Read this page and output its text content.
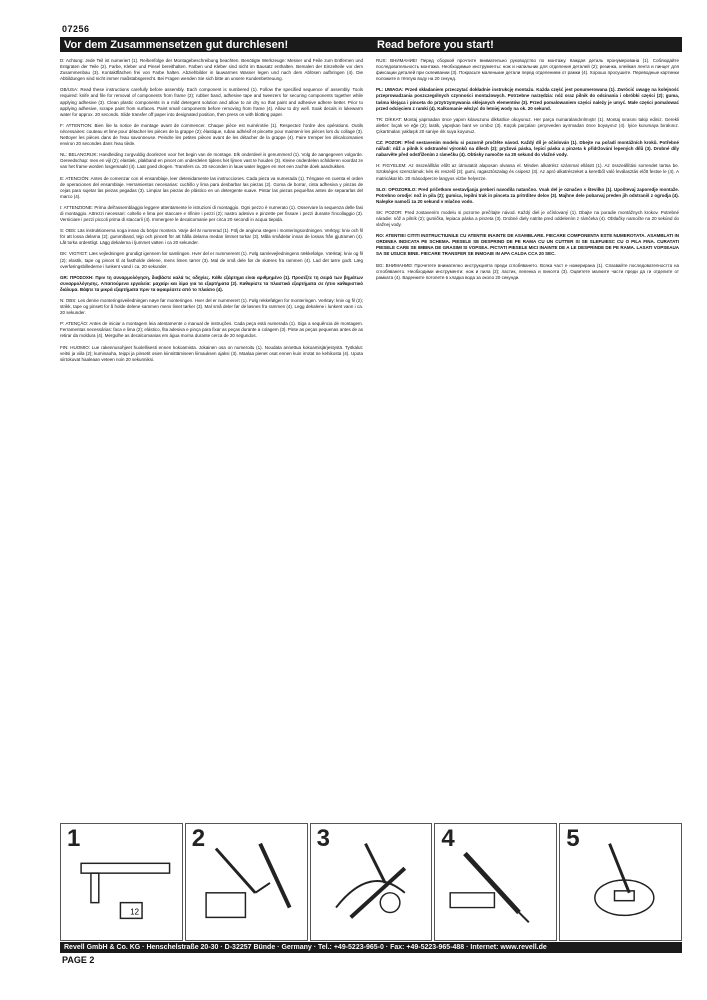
07256
Vor dem Zusammensetzen gut durchlesen!	Read before you start!

D: Achtung: Jede Teil ist numeriert (1). Reihenfolge der Montagebeschreibung beachten. Benötigte Werkzeuge: Messer und Feile zum Entfernen und Entgraten der Teile (2). Farbe, Kleber und Pinsel bereithalten. Farben und Kleber sind nicht im Bausatz enthalten. Bemalen der Einzelteile vor dem Zusammenbau (3). Kontaktflächen frei von Farbe halten. Abziehbilder in lauwarmes Wasser legen und nach dem Ablösen aufbringen (4). Die Abbildungen sind nicht immer maßstabsgerecht. Bei Fragen wenden Sie sich bitte an unsere Kundenbetreuung.

GB/USA: Read these instructions carefully before assembly. Each component is numbered (1). Follow the specified sequence of assembly. Tools required: knife and file for removal of components from frame (2); rubber band, adhesive tape and tweezers for securing components together while applying adhesive (3). Clean plastic components in a mild detergent solution and allow to air dry so that paint and adhesive adhere better. Prior to applying adhesive, scrape paint from surfaces. Paint small components before removing from frame (4). Allow to dry well. Soak decals in lukewarm water for approx. 20 seconds. Slide transfer off paper into designated position, then press on with blotting paper.

F: ATTENTION: Bien lire la notice de montage avant de commencer. Chaque pièce est numérotée (1). Respectez l'ordre des opérations. Outils nécessaires: couteau et lime pour détacher les pièces de la grappe (2); élastique, ruban adhésif et pincette pour maintenir les pièces lors du collage (3). Nettoyer les pièces dans de l'eau savonneuse. Peindre les petites pièces avant de les détacher de la grappe (4). Faire tremper les décalcomanies environ 20 secondes dans l'eau tiède.

NL: BELANGRIJK: Handleiding zorgvuldig doorlezen voor het begin van de montage. Elk onderdeel is genummerd (1). Volg de aangegeven volgorde. Gereedschap: mes en vijl (2); elastiek, plakband en pincet om onderdelen tijdens het lijmen vast te houden (3). Kleine onderdelen schilderen voordat ze van het frame worden losgemaakt (4). Laat goed drogen. Transfers ca. 20 seconden in lauw water leggen en met een zachte doek aandrukken.

E: ATENCIÓN: Antes de comenzar con el ensamblaje, leer detenidamente las instrucciones. Cada pieza va numerada (1). Téngase en cuenta el orden de operaciones del ensamblaje. Herramientas necesarias: cuchillo y lima para desbarbar las piezas (2). Goma de borrar, cinta adhesiva y pinzas de cejas para sujetar las piezas pegadas (3). Limpiar las piezas de plástico en un detergente suave. Pintar las piezas pequeñas antes de separarlas del marco (4).

I: ATTENZIONE: Prima dell'assemblaggio leggere attentamente le istruzioni di montaggio. Ogni pezzo è numerato (1). Osservare la sequenza delle fasi di montaggio. Attrezzi necessari: coltello e lima per staccare e rifinire i pezzi (2); nastro adesivo e pinzette per fissare i pezzi durante l'incollaggio (3). Verniciare i pezzi piccoli prima di staccarli (4). Immergere le decalcomanie per circa 20 secondi in acqua tiepida.

S: OBS: Läs instruktionerna noga innan du börjar montera. Varje del är numrerad (1). Följ de angivna stegen i monteringsordningen. Verktyg: kniv och fil för att lossa delarna (2); gummiband, tejp och pincett för att hålla delarna medan limmet torkar (3). Måla smådelar innan de lossas från gjutramen (4). Låt torka ordentligt. Lägg dekalerna i ljummet vatten i ca 20 sekunder.

DK: VIGTIGT: Læs vejledningen grundigt igennem før samlingen. Hver del er nummereret (1). Følg samlevejledningens rækkefølge. Værktøj: kniv og fil (2); elastik, tape og pincet til at fastholde delene, mens limen tørrer (3). Mal de små dele før de skæres fra rammen (4). Lad det tørre godt. Læg overføringsbillederne i lunkent vand i ca. 20 sekunder.

GR: ΠΡΟΣΟΧΗ: Πριν τη συναρμολόγηση, διαβάστε καλά τις οδηγίες. Κάθε εξάρτημα είναι αριθμημένο (1). Προσέξτε τη σειρά των βημάτων συναρμολόγησης. Απαιτούμενα εργαλεία: μαχαίρι και λίμα για τα εξαρτήματα (2). Καθαρίστε τα πλαστικά εξαρτήματα σε ήπιο καθαριστικό διάλυμα. Βάψτε τα μικρά εξαρτήματα πριν τα αφαιρέσετε από το πλαίσιο (4).

N: OBS: Les denne monteringsveiledningen nøye før monteringen. Hver del er nummerert (1). Følg rekkefølgen for monteringen. Verktøy: kniv og fil (2); strikk, tape og pinsett for å holde delene sammen mens limet tørker (3). Mal små deler før de løsnes fra rammen (4). Legg dekalene i lunkent vann i ca. 20 sekunder.

P: ATENÇÃO: Antes de iniciar a montagem leia atentamente o manual de instruções. Cada peça está numerada (1). Siga a sequência de montagem. Ferramentas necessárias: faca e lima (2); elástico, fita adesiva e pinça para fixar as peças durante a colagem (3). Pinte as peças pequenas antes de as retirar da moldura (4). Mergulhe as decalcomanias em água morna durante cerca de 20 segundos.

FIN: HUOMIO: Lue rakennusohjeet huolellisesti ennen kokoamista. Jokainen osa on numeroitu (1). Noudata annettua kokoamisjärjestystä. Työkalut: veitsi ja viila (2); kuminauha, teippi ja pinsetit osien kiinnittämiseen liimauksen ajaksi (3). Maalaa pienet osat ennen kuin irrotat ne kehikosta (4). Upota siirtokuvat haaleaan veteen noin 20 sekunniksi.

RUS: ВНИМАНИЕ! Перед сборкой прочтите внимательно руководство по монтажу. Каждая деталь пронумерована (1). Соблюдайте последовательность монтажа. Необходимые инструменты: нож и напильник для отделения деталей (2); резинка, клейкая лента и пинцет для фиксации деталей при склеивании (3). Покрасьте маленькие детали перед отделением от рамки (4). Хорошо просушите. Переводные картинки положите в тёплую воду на 20 секунд.

PL: UWAGA: Przed składaniem przeczytać dokładnie instrukcję montażu. Każda część jest ponumerowana (1). Zwrócić uwagę na kolejność przeprowadzania poszczególnych czynności montażowych. Potrzebne narzędzia: nóż oraz pilnik do odcinania i obróbki części (2); guma, taśma klejąca i pinceta do przytrzymywania sklejanych elementów (3). Przed pomalowaniem części należy je umyć. Małe części pomalować przed odcięciem z ramki (4). Kalkomanie włożyć do letniej wody na ok. 20 sekund.

TR: DİKKAT: Montaj yapmadan önce yapım kılavuzunu dikkatlice okuyunuz. Her parça numaralandırılmıştır (1). Montaj sırasını takip ediniz. Gerekli aletler: bıçak ve eğe (2); lastik, yapışkan bant ve cımbız (3). Küçük parçaları çerçeveden ayırmadan önce boyayınız (4). İyice kurumaya bırakınız. Çıkartmaları yaklaşık 20 saniye ılık suya koyunuz.

CZ: POZOR: Před sestavením modelu si pozorně pročtěte návod. Každý díl je očíslován (1). Dbejte na pořadí montážních kroků. Potřebné nářadí: nůž a pilník k odstranění výronků na dílech (2); pryžová páska, lepicí páska a pinzeta k přidržování lepených dílů (3). Drobné díly nabarvěte před odstřižením z rámečku (4). Obtisky namočte na 20 sekund do vlažné vody.

H: FIGYELEM: Az összeállítás előtt az útmutatót alaposan olvassa el. Minden alkatrész számmal ellátott (1). Az összeállítási sorrendet tartsa be. Szükséges szerszámok: kés és reszelő (2); gumi, ragasztószalag és csipesz (3). Az apró alkatrészeket a keretből való leválasztás előtt festse le (4). A matricákat kb. 20 másodpercre langyos vízbe helyezze.

SLO: OPOZORILO: Pred pričetkom sestavljanja preberi navodila natančno. Vsak del je označen s številko (1). Upoštevaj zaporedje montaže. Potrebno orodje: nož in pila (2); gumica, lepilni trak in pinceta za pritrditev delov (3). Majhne dele pobarvaj preden jih odstraniš z ogrodja (4). Nalepke namoči za 20 sekund v mlačno vodo.

SK: POZOR: Pred zostavením modelu si pozorne prečítajte návod. Každý diel je očíslovaný (1). Dbajte na poradie montážnych krokov. Potrebné náradie: nôž a pilník (2); gumička, lepiaca páska a pinzeta (3). Drobné diely natrite pred oddelením z rámčeka (4). Obtlačky namočte na 20 sekúnd do vlažnej vody.

RO: ATENTIE! CITITI INSTRUCTIUNILE CU ATENTIE INAINTE DE ASAMBLARE. FIECARE COMPONENTA ESTE NUMEROTATA. ASAMBLATI IN ORDINEA INDICATA PE SCHEMA. PIESELE SE DESPRIND DE PE RAMA CU UN CUTTER SI SE SLEFUIESC CU O PILA FINA. CURATATI PIESELE CARE SE IMBINA DE GRASIMI SI VOPSEA. PICTATI PIESELE MICI INAINTE DE A LE DESPRINDE DE PE RAMA. LASATI VOPSEAUA SA SE USUCE BINE. FIECARE TRANSFER SE INMOAIE IN APA CALDA CCA 20 SEC.

BG: ВНИМАНИЕ! Прочетете внимателно инструкцията преди сглобяването. Всяка част е номерирана (1). Спазвайте последователността на сглобяването. Необходими инструменти: нож и пила (2); ластик, лепенка и пинсета (3). Оцветете малките части преди да ги отделите от рамката (4). Ваденките потопете в хладка вода за около 20 секунди.

1
12
2	3	4	5
Revell GmbH & Co. KG · Henschelstraße 20-30 · D-32257 Bünde · Germany · Tel.: +49-5223-965-0 · Fax: +49-5223-965-488 · Internet: www.revell.de
PAGE 2
